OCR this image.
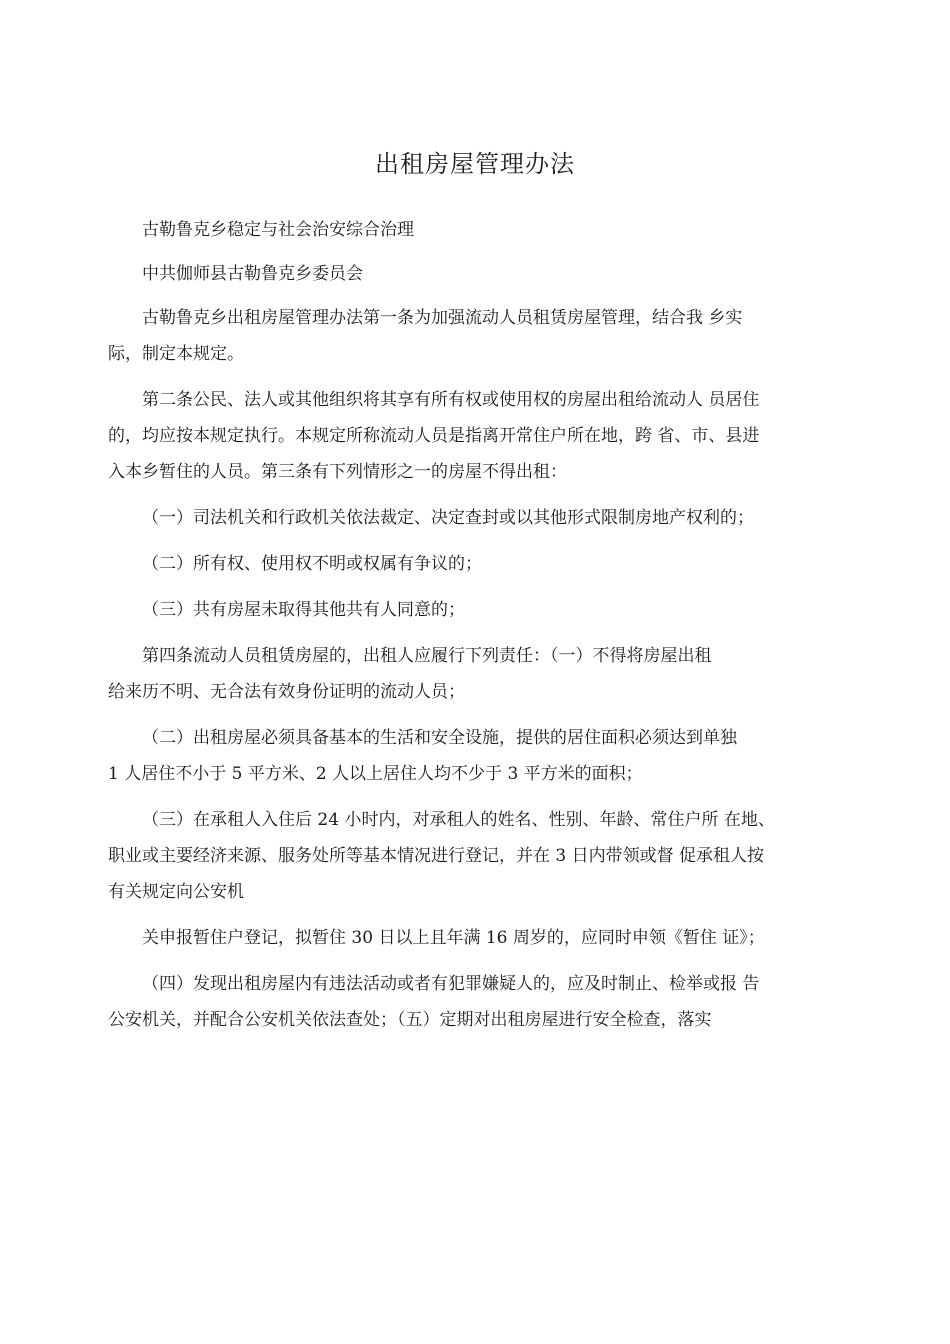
出租房屋管理办法
古勒鲁克乡稳定与社会治安综合治理
中共伽师县古勒鲁克乡委员会
古勒鲁克乡出租房屋管理办法第一条为加强流动人员租赁房屋管理，结合我 乡实
际，制定本规定。
第二条公民、法人或其他组织将其享有所有权或使用权的房屋出租给流动人 员居住
的，均应按本规定执行。本规定所称流动人员是指离开常住户所在地，跨 省、市、县进
入本乡暂住的人员。第三条有下列情形之一的房屋不得出租：
（一）司法机关和行政机关依法裁定、决定查封或以其他形式限制房地产权利的；
（二）所有权、使用权不明或权属有争议的；
（三）共有房屋未取得其他共有人同意的；
第四条流动人员租赁房屋的，出租人应履行下列责任：（一）不得将房屋出租
给来历不明、无合法有效身份证明的流动人员；
（二）出租房屋必须具备基本的生活和安全设施，提供的居住面积必须达到单独
1 人居住不小于 5 平方米、2 人以上居住人均不少于 3 平方米的面积；
（三）在承租人入住后 24 小时内，对承租人的姓名、性别、年龄、常住户所 在地、
职业或主要经济来源、服务处所等基本情况进行登记，并在 3 日内带领或督 促承租人按
有关规定向公安机
关申报暂住户登记，拟暂住 30 日以上且年满 16 周岁的，应同时申领《暂住 证》；
（四）发现出租房屋内有违法活动或者有犯罪嫌疑人的，应及时制止、检举或报 告
公安机关，并配合公安机关依法查处；（五）定期对出租房屋进行安全检查，落实
